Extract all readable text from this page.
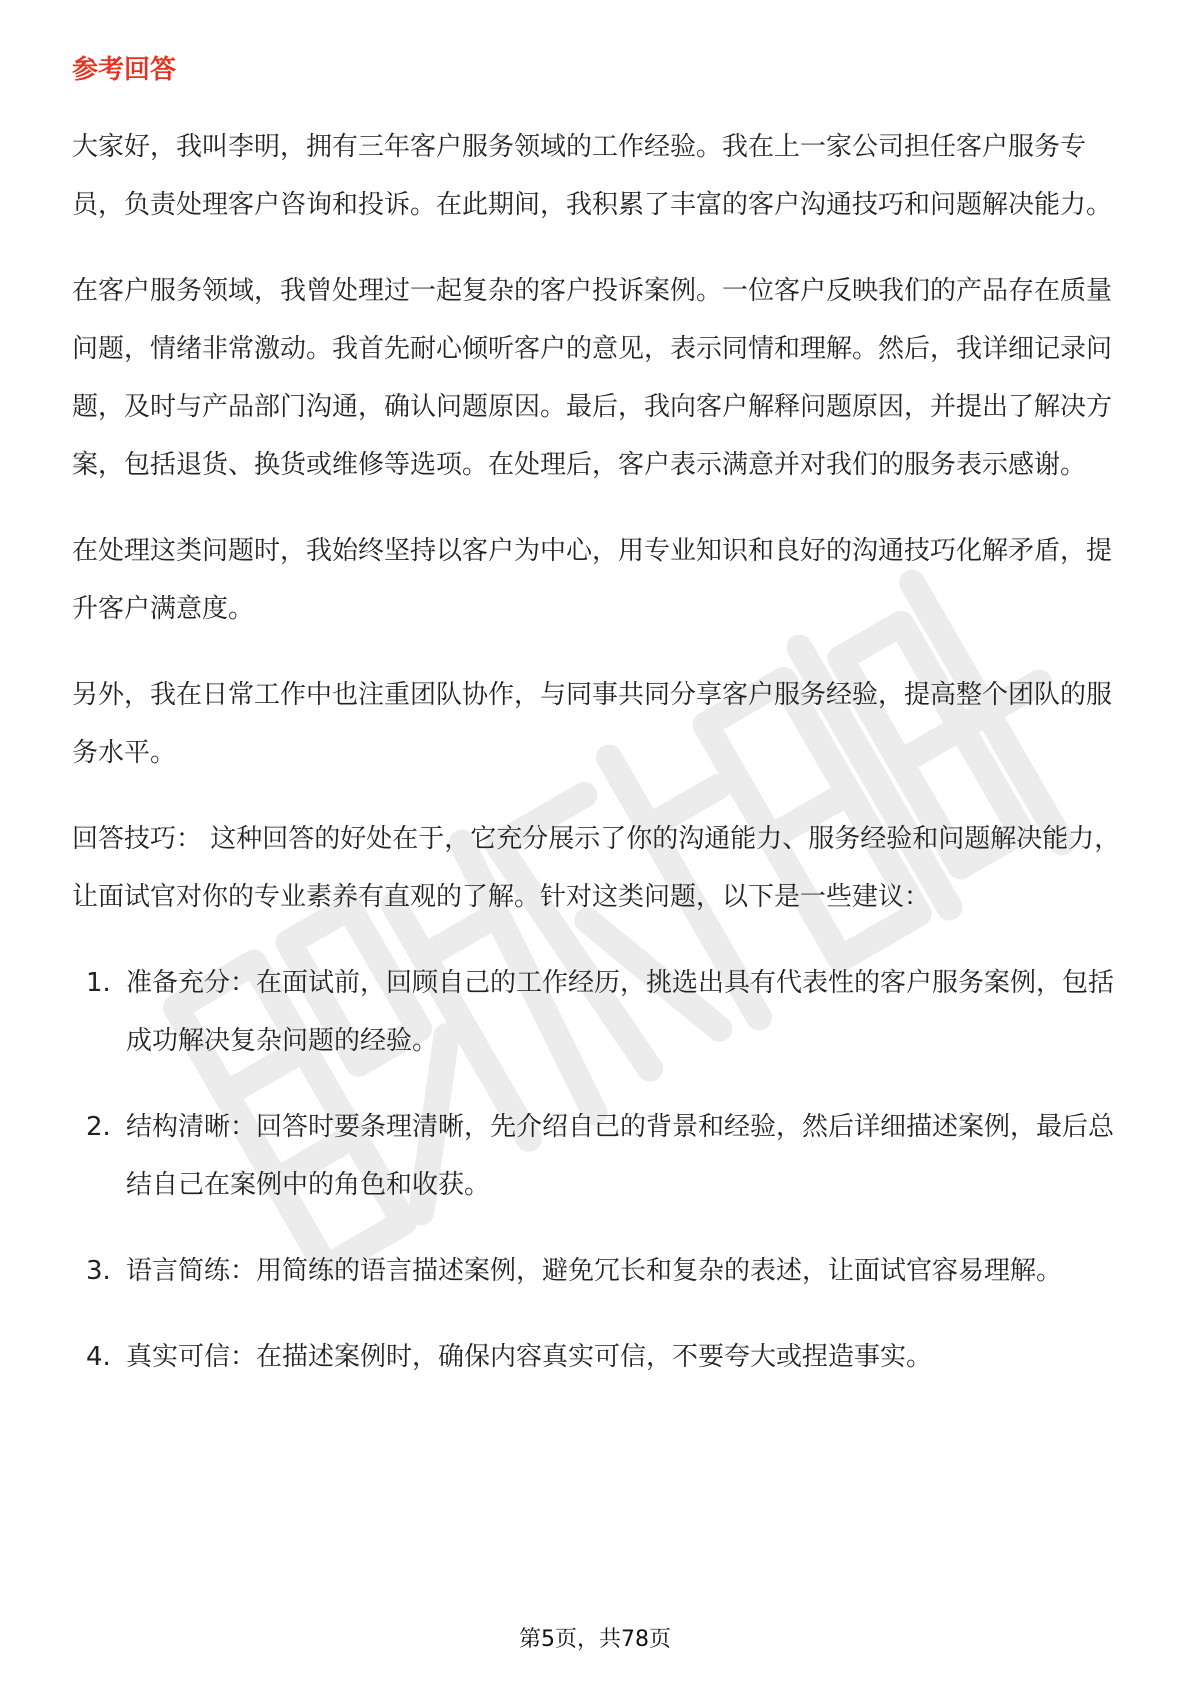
参考回答

大家好，我叫李明，拥有三年客户服务领域的工作经验。我在上一家公司担任客户服务专员，负责处理客户咨询和投诉。在此期间，我积累了丰富的客户沟通技巧和问题解决能力。

在客户服务领域，我曾处理过一起复杂的客户投诉案例。一位客户反映我们的产品存在质量问题，情绪非常激动。我首先耐心倾听客户的意见，表示同情和理解。然后，我详细记录问题，及时与产品部门沟通，确认问题原因。最后，我向客户解释问题原因，并提出了解决方案，包括退货、换货或维修等选项。在处理后，客户表示满意并对我们的服务表示感谢。

在处理这类问题时，我始终坚持以客户为中心，用专业知识和良好的沟通技巧化解矛盾，提升客户满意度。

另外，我在日常工作中也注重团队协作，与同事共同分享客户服务经验，提高整个团队的服务水平。

回答技巧： 这种回答的好处在于，它充分展示了你的沟通能力、服务经验和问题解决能力，让面试官对你的专业素养有直观的了解。针对这类问题，以下是一些建议：

1. 准备充分：在面试前，回顾自己的工作经历，挑选出具有代表性的客户服务案例，包括成功解决复杂问题的经验。
2. 结构清晰：回答时要条理清晰，先介绍自己的背景和经验，然后详细描述案例，最后总结自己在案例中的角色和收获。
3. 语言简练：用简练的语言描述案例，避免冗长和复杂的表述，让面试官容易理解。
4. 真实可信：在描述案例时，确保内容真实可信，不要夸大或捏造事实。
第5页，共78页
